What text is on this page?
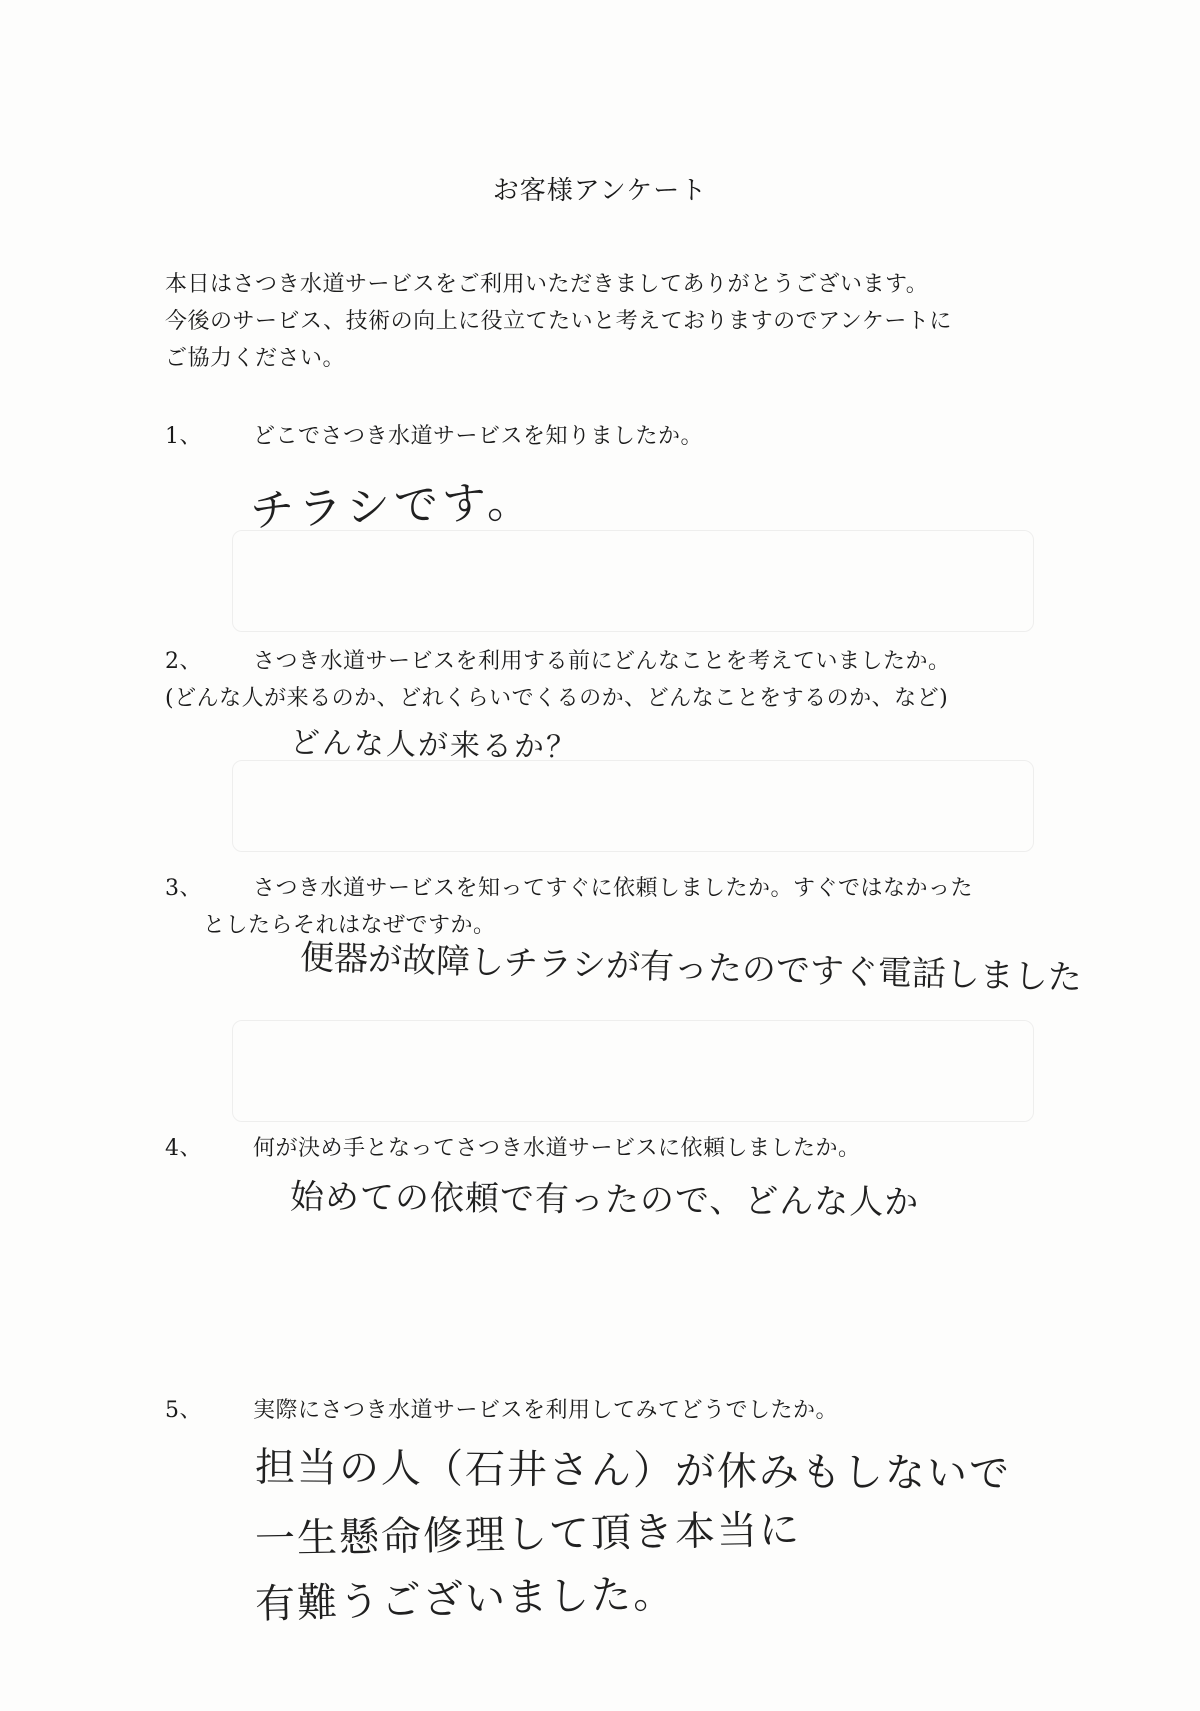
お客様アンケート
本日はさつき水道サービスをご利用いただきましてありがとうございます。
今後のサービス、技術の向上に役立てたいと考えておりますのでアンケートに
ご協力ください。
1、 どこでさつき水道サービスを知りましたか。
チラシです。
2、 さつき水道サービスを利用する前にどんなことを考えていましたか。
(どんな人が来るのか、どれくらいでくるのか、どんなことをするのか、など)
どんな人が来るか？
3、 さつき水道サービスを知ってすぐに依頼しましたか。すぐではなかった
としたらそれはなぜですか。
便器が故障しチラシが有ったのですぐ電話しました
4、 何が決め手となってさつき水道サービスに依頼しましたか。
始めての依頼で有ったので、どんな人か
5、 実際にさつき水道サービスを利用してみてどうでしたか。
担当の人（石井さん）が休みもしないで
一生懸命修理して頂き本当に
有難うございました。
